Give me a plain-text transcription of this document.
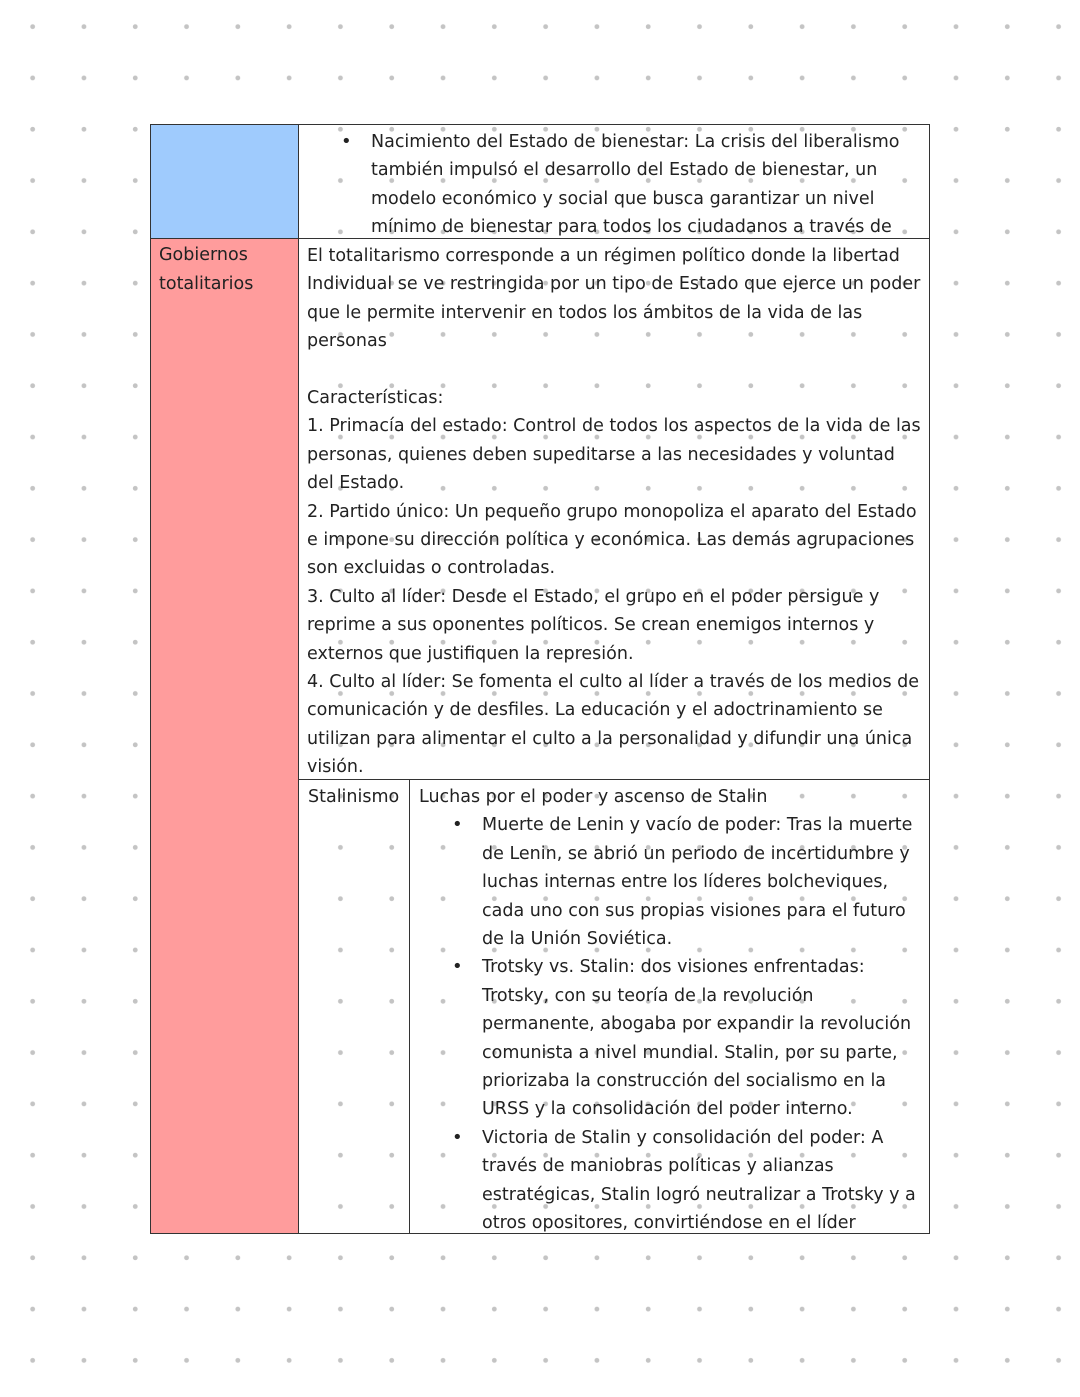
Gobiernos totalitarios
• Nacimiento del Estado de bienestar: La crisis del liberalismo también impulsó el desarrollo del Estado de bienestar, un modelo económico y social que busca garantizar un nivel mínimo de bienestar para todos los ciudadanos a través de

El totalitarismo corresponde a un régimen político donde la libertad Individual se ve restringida por un tipo de Estado que ejerce un poder que le permite intervenir en todos los ámbitos de la vida de las personas

Características:

1. Primacía del estado: Control de todos los aspectos de la vida de las personas, quienes deben supeditarse a las necesidades y voluntad del Estado.

2. Partido único: Un pequeño grupo monopoliza el aparato del Estado e impone su dirección política y económica. Las demás agrupaciones son excluidas o controladas.

3. Culto al líder: Desde el Estado, el grupo en el poder persigue y reprime a sus oponentes políticos. Se crean enemigos internos y externos que justifiquen la represión.

4. Culto al líder: Se fomenta el culto al líder a través de los medios de comunicación y de desfiles. La educación y el adoctrinamiento se utilizan para alimentar el culto a la personalidad y difundir una única visión.

Stalinismo	Luchas por el poder y ascenso de Stalin
• Muerte de Lenin y vacío de poder: Tras la muerte de Lenin, se abrió un periodo de incertidumbre y luchas internas entre los líderes bolcheviques, cada uno con sus propias visiones para el futuro de la Unión Soviética.
• Trotsky vs. Stalin: dos visiones enfrentadas: Trotsky, con su teoría de la revolución permanente, abogaba por expandir la revolución comunista a nivel mundial. Stalin, por su parte, priorizaba la construcción del socialismo en la URSS y la consolidación del poder interno.
• Victoria de Stalin y consolidación del poder: A través de maniobras políticas y alianzas estratégicas, Stalin logró neutralizar a Trotsky y a otros opositores, convirtiéndose en el líder
